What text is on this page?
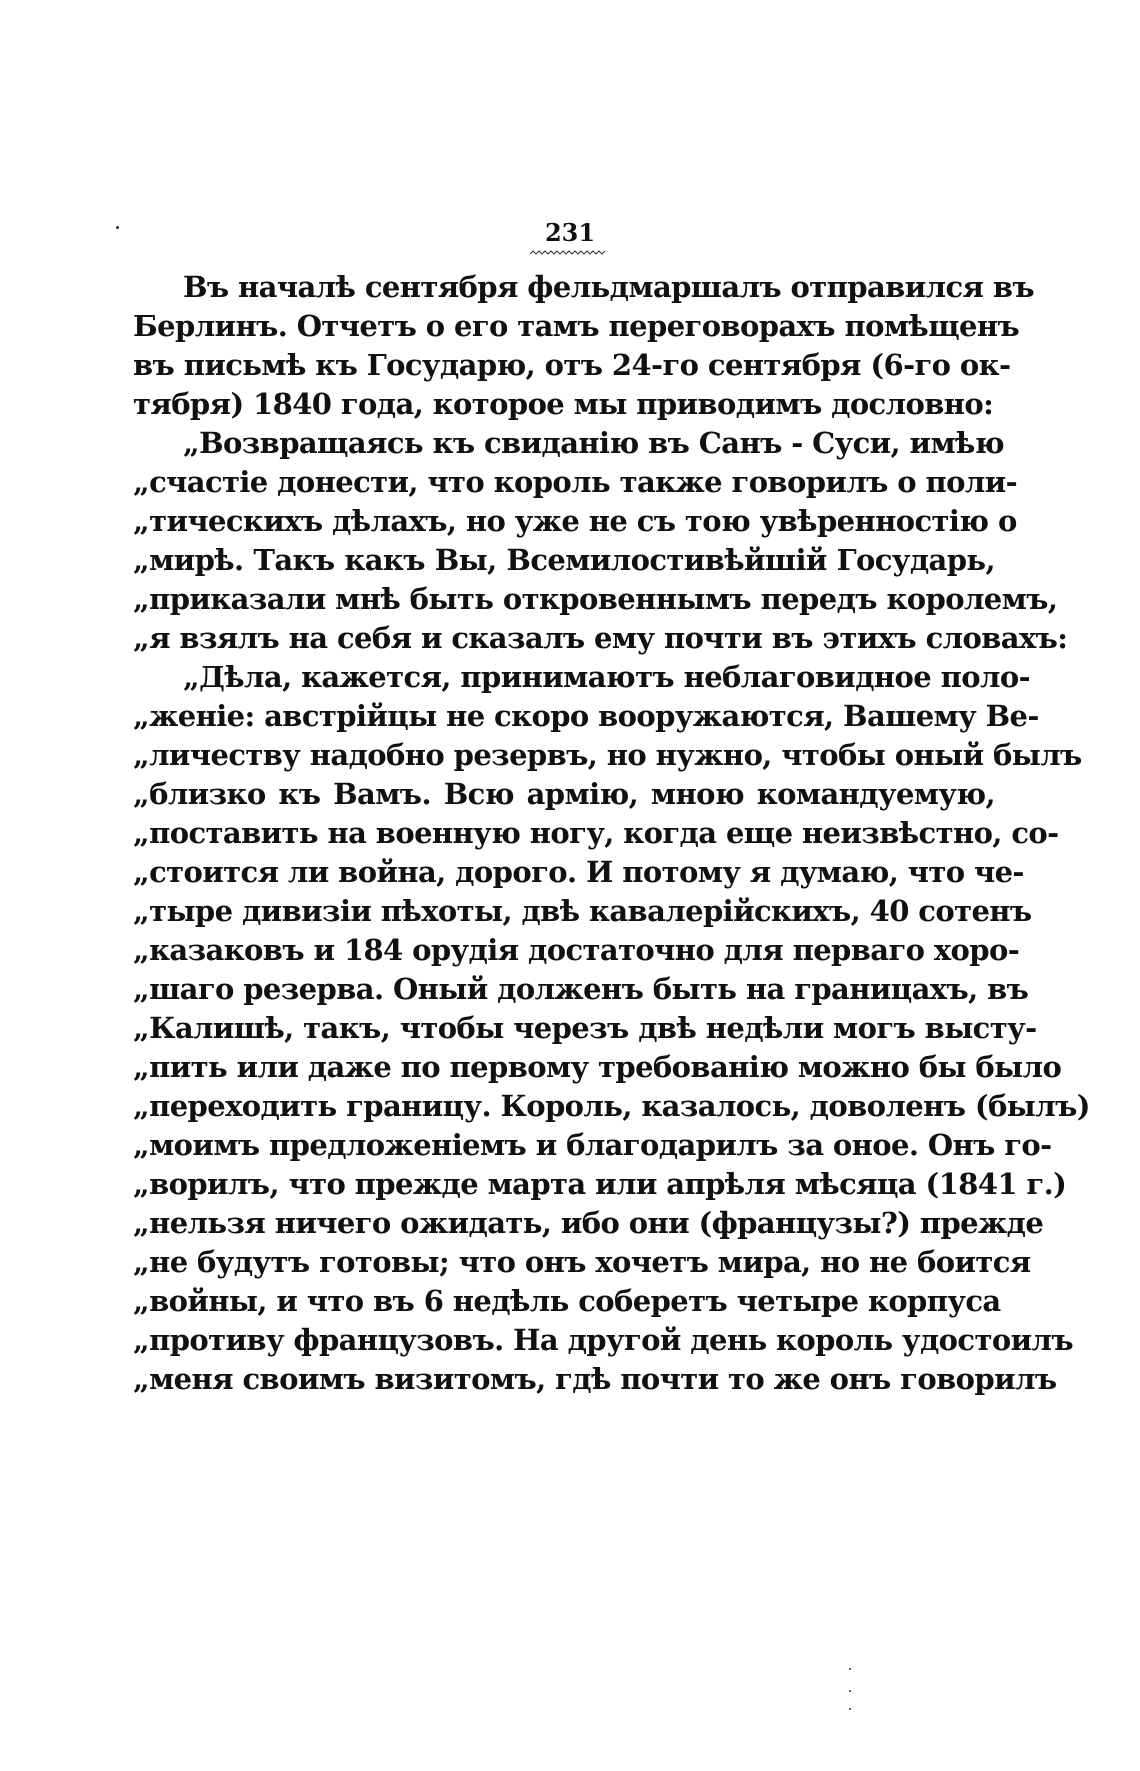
231
Въ началѣ сентября фельдмаршалъ отправился въ
Берлинъ. Отчетъ о его тамъ переговорахъ помѣщенъ
въ письмѣ къ Государю, отъ 24-го сентября (6-го ок-
тября) 1840 года, которое мы приводимъ дословно:
„Возвращаясь къ свиданію въ Санъ - Суси, имѣю
„счастіе донести, что король также говорилъ о поли-
„тическихъ дѣлахъ, но уже не съ тою увѣренностію о
„мирѣ. Такъ какъ Вы, Всемилостивѣйшій Государь,
„приказали мнѣ быть откровеннымъ передъ королемъ,
„я взялъ на себя и сказалъ ему почти въ этихъ словахъ:
„Дѣла, кажется, принимаютъ неблаговидное поло-
„женіе: австрійцы не скоро вооружаются, Вашему Ве-
„личеству надобно резервъ, но нужно, чтобы оный былъ
„близко къ Вамъ. Всю армію, мною командуемую,
„поставить на военную ногу, когда еще неизвѣстно, со-
„стоится ли война, дорого. И потому я думаю, что че-
„тыре дивизіи пѣхоты, двѣ кавалерійскихъ, 40 сотенъ
„казаковъ и 184 орудія достаточно для перваго хоро-
„шаго резерва. Оный долженъ быть на границахъ, въ
„Калишѣ, такъ, чтобы черезъ двѣ недѣли могъ высту-
„пить или даже по первому требованію можно бы было
„переходить границу. Король, казалось, доволенъ (былъ)
„моимъ предложеніемъ и благодарилъ за оное. Онъ го-
„ворилъ, что прежде марта или апрѣля мѣсяца (1841 г.)
„нельзя ничего ожидать, ибо они (французы?) прежде
„не будутъ готовы; что онъ хочетъ мира, но не боится
„войны, и что въ 6 недѣль соберетъ четыре корпуса
„противу французовъ. На другой день король удостоилъ
„меня своимъ визитомъ, гдѣ почти то же онъ говорилъ
